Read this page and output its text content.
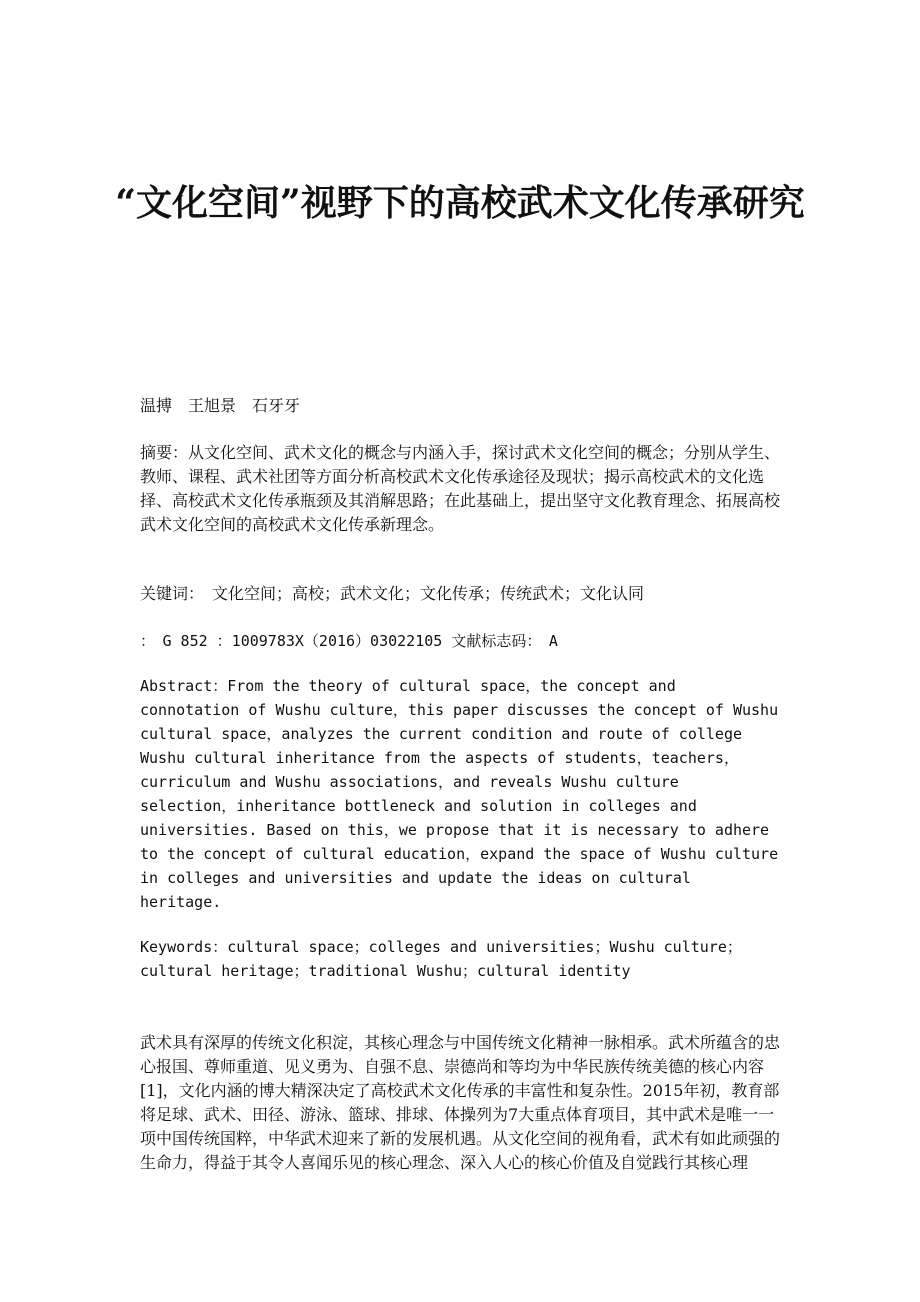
“文化空间”视野下的高校武术文化传承研究

温搏　王旭景　石牙牙

摘要：从文化空间、武术文化的概念与内涵入手，探讨武术文化空间的概念；分别从学生、教师、课程、武术社团等方面分析高校武术文化传承途径及现状；揭示高校武术的文化选择、高校武术文化传承瓶颈及其消解思路；在此基础上，提出坚守文化教育理念、拓展高校武术文化空间的高校武术文化传承新理念。

关键词：　文化空间；高校；武术文化；文化传承；传统武术；文化认同

：　G 852 ：1009783X（2016）03022105 文献标志码：　A

Abstract：From the theory of cultural space，the concept and connotation of Wushu culture，this paper discusses the concept of Wushu cultural space，analyzes the current condition and route of college Wushu cultural inheritance from the aspects of students，teachers，curriculum and Wushu associations，and reveals Wushu culture selection，inheritance bottleneck and solution in colleges and universities. Based on this，we propose that it is necessary to adhere to the concept of cultural education，expand the space of Wushu culture in colleges and universities and update the ideas on cultural heritage.

Keywords：cultural space；colleges and universities；Wushu culture；cultural heritage；traditional Wushu；cultural identity

武术具有深厚的传统文化积淀，其核心理念与中国传统文化精神一脉相承。武术所蕴含的忠心报国、尊师重道、见义勇为、自强不息、崇德尚和等均为中华民族传统美德的核心内容[1]，文化内涵的博大精深决定了高校武术文化传承的丰富性和复杂性。2015年初，教育部将足球、武术、田径、游泳、篮球、排球、体操列为7大重点体育项目，其中武术是唯一一项中国传统国粹，中华武术迎来了新的发展机遇。从文化空间的视角看，武术有如此顽强的生命力，得益于其令人喜闻乐见的核心理念、深入人心的核心价值及自觉践行其核心理
